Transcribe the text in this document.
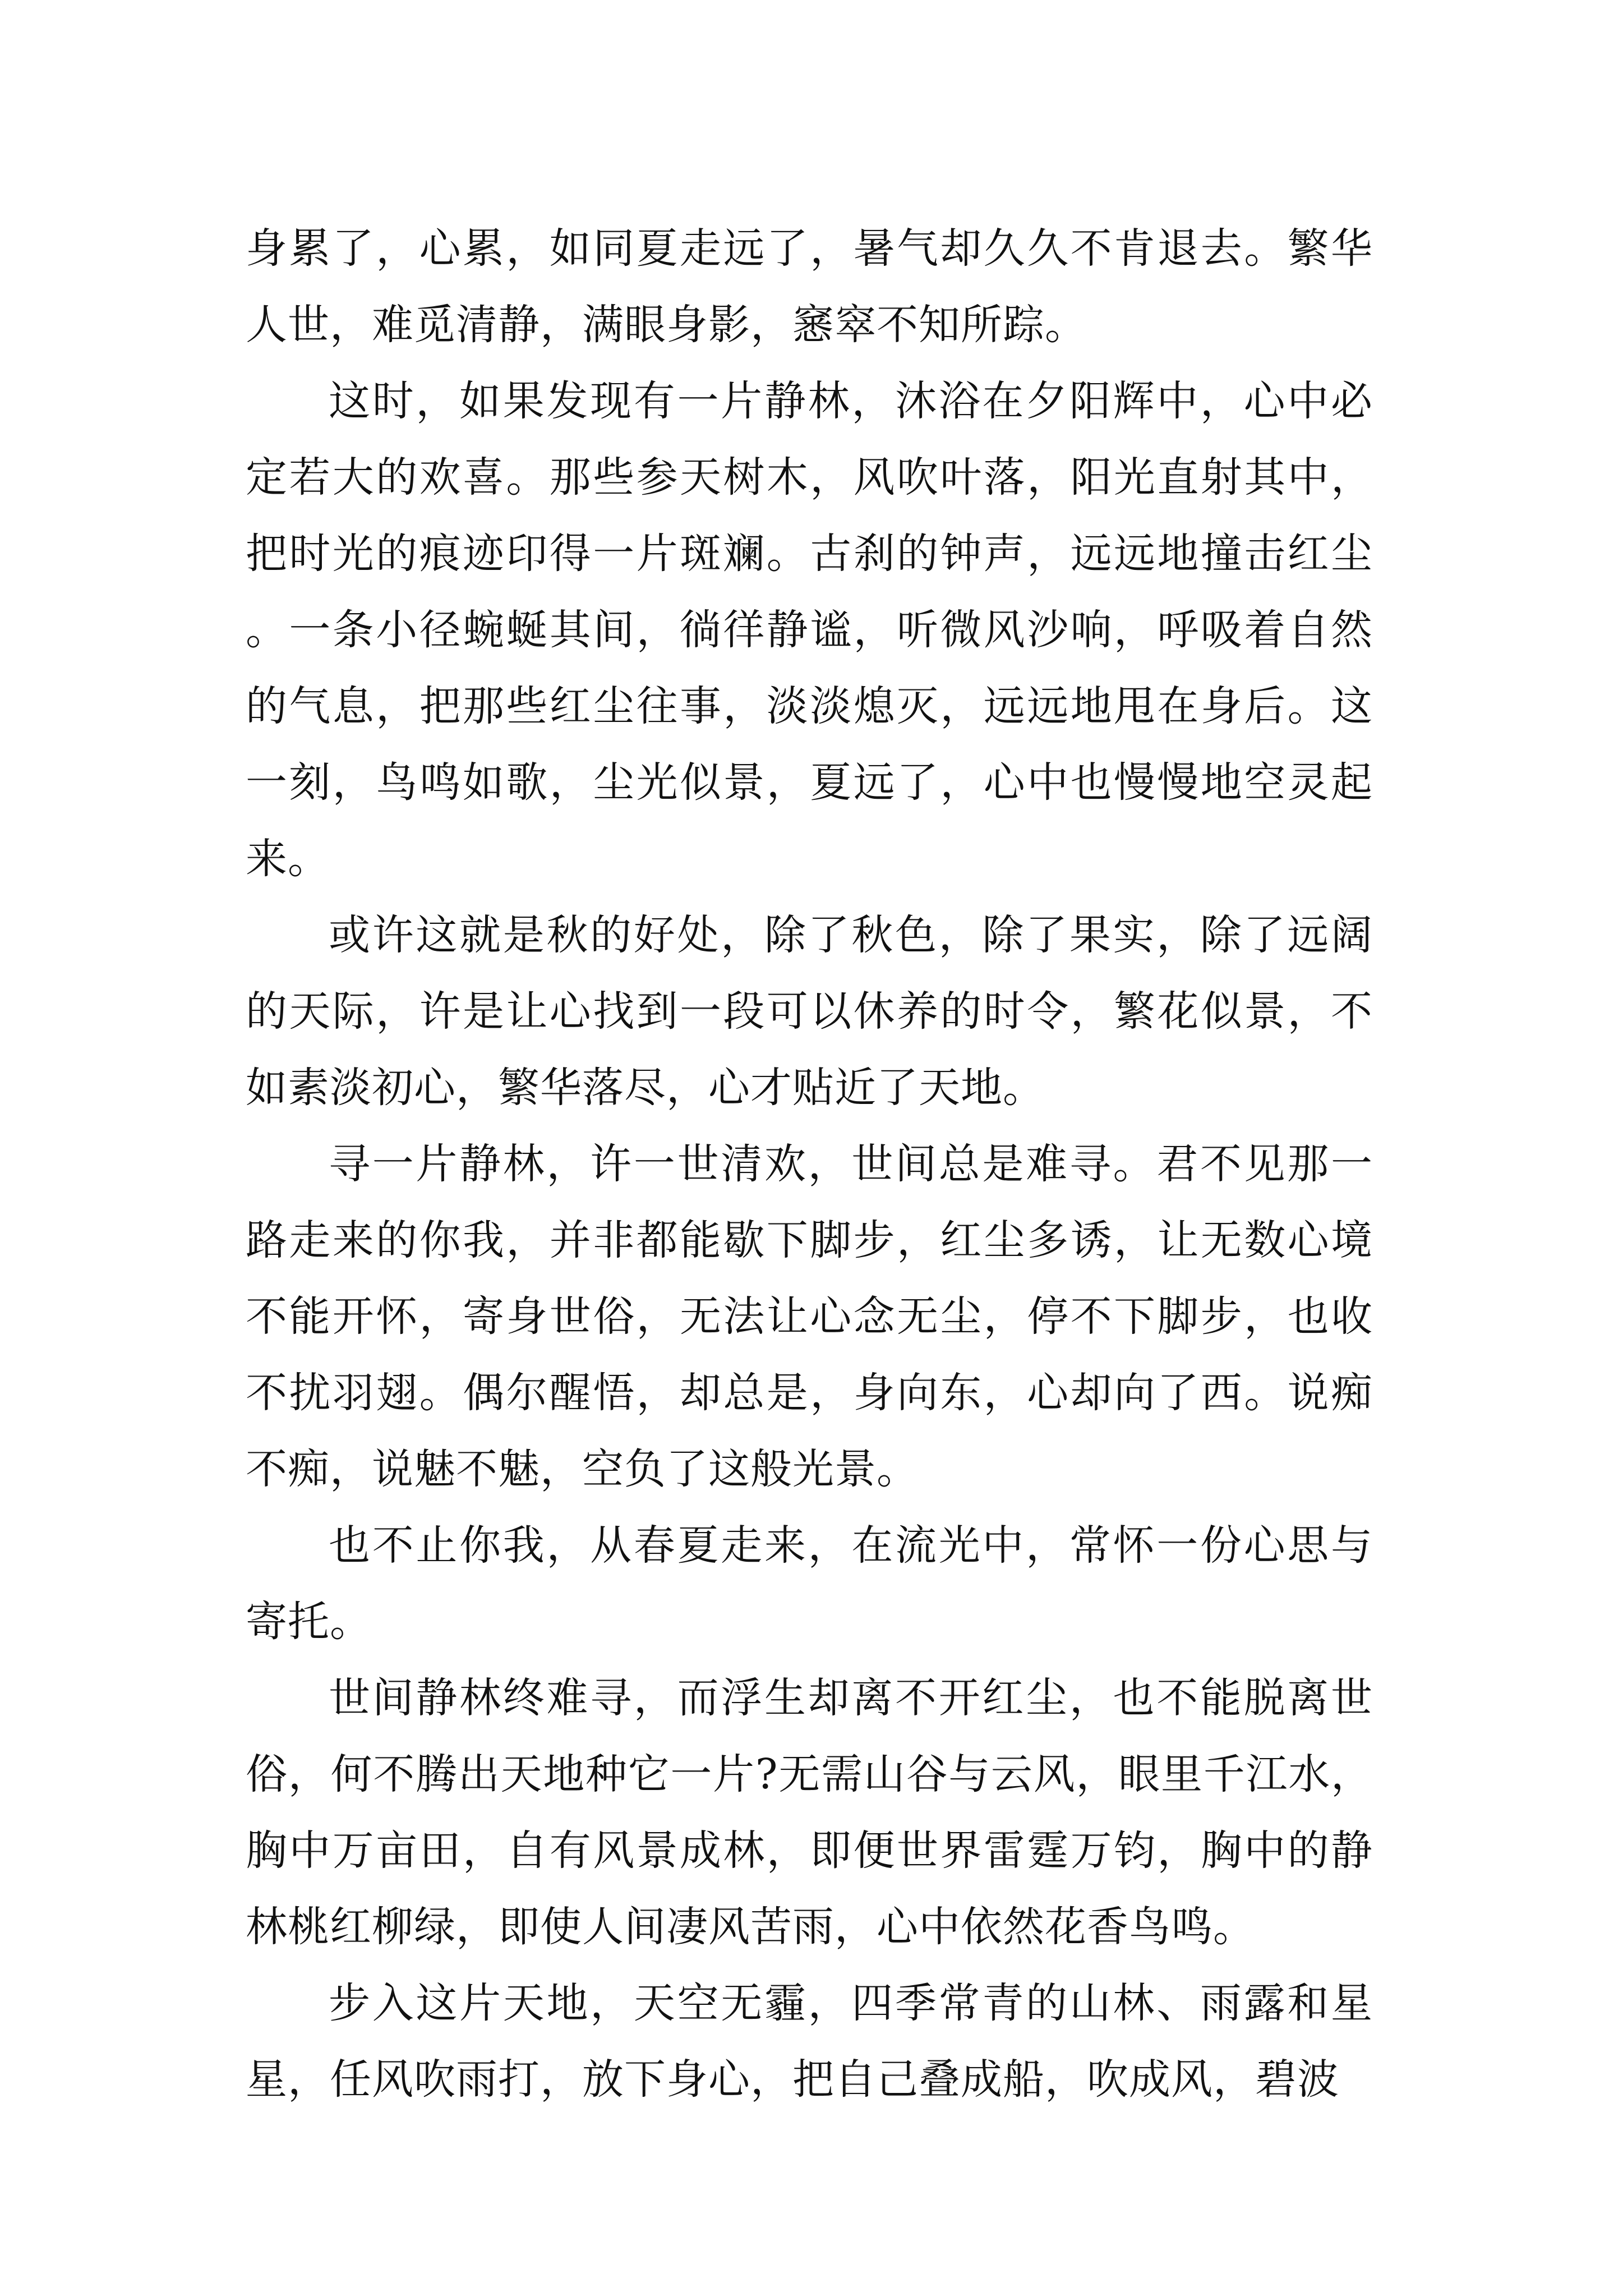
身累了，心累，如同夏走远了，暑气却久久不肯退去。繁华人世，难觅清静，满眼身影，窸窣不知所踪。

这时，如果发现有一片静林，沐浴在夕阳辉中，心中必定若大的欢喜。那些参天树木，风吹叶落，阳光直射其中，把时光的痕迹印得一片斑斓。古刹的钟声，远远地撞击红尘。一条小径蜿蜒其间，徜徉静谧，听微风沙响，呼吸着自然的气息，把那些红尘往事，淡淡熄灭，远远地甩在身后。这一刻，鸟鸣如歌，尘光似景，夏远了，心中也慢慢地空灵起来。

或许这就是秋的好处，除了秋色，除了果实，除了远阔的天际，许是让心找到一段可以休养的时令，繁花似景，不如素淡初心，繁华落尽，心才贴近了天地。

寻一片静林，许一世清欢，世间总是难寻。君不见那一路走来的你我，并非都能歇下脚步，红尘多诱，让无数心境不能开怀，寄身世俗，无法让心念无尘，停不下脚步，也收不扰羽翅。偶尔醒悟，却总是，身向东，心却向了西。说痴不痴，说魅不魅，空负了这般光景。

也不止你我，从春夏走来，在流光中，常怀一份心思与寄托。

世间静林终难寻，而浮生却离不开红尘，也不能脱离世俗，何不腾出天地种它一片?无需山谷与云风，眼里千江水，胸中万亩田，自有风景成林，即便世界雷霆万钧，胸中的静林桃红柳绿，即使人间凄风苦雨，心中依然花香鸟鸣。

步入这片天地，天空无霾，四季常青的山林、雨露和星星，任风吹雨打，放下身心，把自己叠成船，吹成风，碧波
